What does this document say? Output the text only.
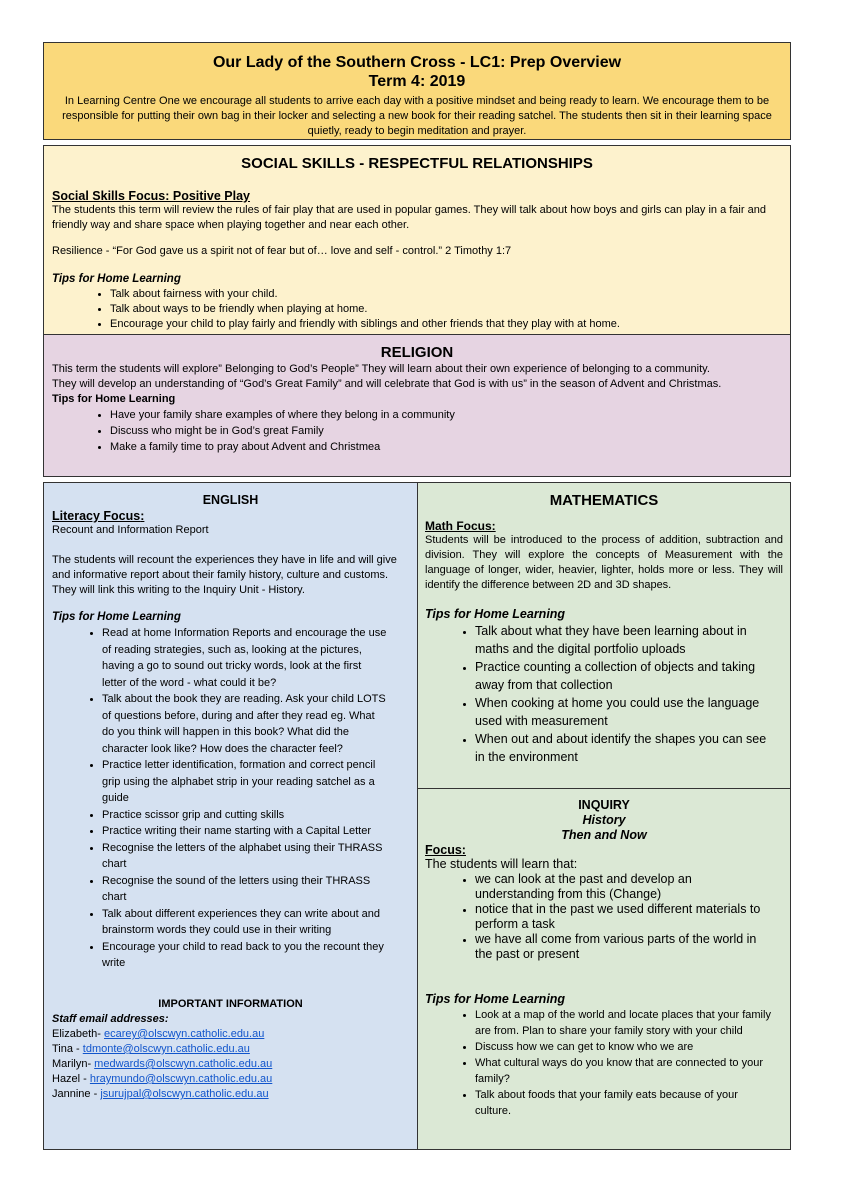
Our Lady of the Southern Cross - LC1: Prep Overview
Term 4: 2019

In Learning Centre One we encourage all students to arrive each day with a positive mindset and being ready to learn. We encourage them to be responsible for putting their own bag in their locker and selecting a new book for their reading satchel. The students then sit in their learning space quietly, ready to begin meditation and prayer.

SOCIAL SKILLS - RESPECTFUL RELATIONSHIPS

Social Skills Focus: Positive Play

The students this term will review the rules of fair play that are used in popular games. They will talk about how boys and girls can play in a fair and friendly way and share space when playing together and near each other.

Resilience - “For God gave us a spirit not of fear but of… love and self - control.” 2 Timothy 1:7

Tips for Home Learning

• Talk about fairness with your child.
• Talk about ways to be friendly when playing at home.
• Encourage your child to play fairly and friendly with siblings and other friends that they play with at home.
RELIGION

This term the students will explore” Belonging to God’s People” They will learn about their own experience of belonging to a community.

They will develop an understanding of “God’s Great Family” and will celebrate that God is with us” in the season of Advent and Christmas.

Tips for Home Learning

• Have your family share examples of where they belong in a community
• Discuss who might be in God’s great Family
• Make a family time to pray about Advent and Christmea
ENGLISH

Literacy Focus:

Recount and Information Report

The students will recount the experiences they have in life and will give and informative report about their family history, culture and customs. They will link this writing to the Inquiry Unit - History.

Tips for Home Learning

• Read at home Information Reports and encourage the use of reading strategies, such as, looking at the pictures, having a go to sound out tricky words, look at the first letter of the word - what could it be?
• Talk about the book they are reading. Ask your child LOTS of questions before, during and after they read eg. What do you think will happen in this book? What did the character look like? How does the character feel?
• Practice letter identification, formation and correct pencil grip using the alphabet strip in your reading satchel as a guide
• Practice scissor grip and cutting skills
• Practice writing their name starting with a Capital Letter
• Recognise the letters of the alphabet using their THRASS chart
• Recognise the sound of the letters using their THRASS chart
• Talk about different experiences they can write about and brainstorm words they could use in their writing
• Encourage your child to read back to you the recount they write

IMPORTANT INFORMATION

Staff email addresses:

Elizabeth- ecarey@olscwyn.catholic.edu.au

Tina - tdmonte@olscwyn.catholic.edu.au

Marilyn- medwards@olscwyn.catholic.edu.au

Hazel - hraymundo@olscwyn.catholic.edu.au

Jannine - jsurujpal@olscwyn.catholic.edu.au

MATHEMATICS

Math Focus:

Students will be introduced to the process of addition, subtraction and division. They will explore the concepts of Measurement with the language of longer, wider, heavier, lighter, holds more or less. They will identify the difference between 2D and 3D shapes.

Tips for Home Learning

• Talk about what they have been learning about in maths and the digital portfolio uploads
• Practice counting a collection of objects and taking away from that collection
• When cooking at home you could use the language used with measurement
• When out and about identify the shapes you can see in the environment

INQUIRY

History

Then and Now

Focus:

The students will learn that:

• we can look at the past and develop an understanding from this (Change)
• notice that in the past we used different materials to perform a task
• we have all come from various parts of the world in the past or present

Tips for Home Learning

• Look at a map of the world and locate places that your family are from. Plan to share your family story with your child
• Discuss how we can get to know who we are
• What cultural ways do you know that are connected to your family?
• Talk about foods that your family eats because of your culture.
